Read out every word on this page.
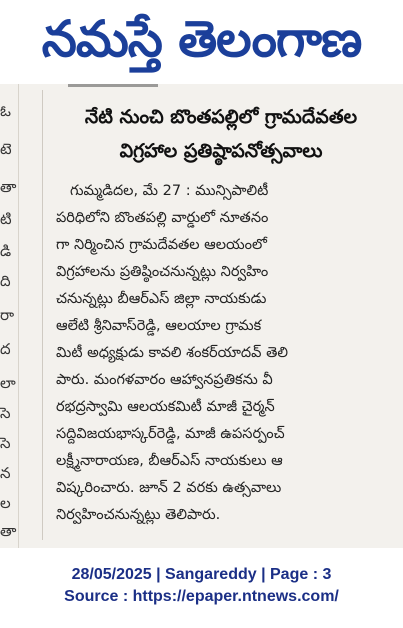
నమస్తే తెలంగాణ
ఓ
టె
తా
టి
డి
ది
రా
ద
లా
సె
సె
న
ల
తా
నేటి నుంచి బొంతపల్లిలో గ్రామదేవతల
విగ్రహాల ప్రతిష్ఠాపనోత్సవాలు
గుమ్మడిదల, మే 27 : మున్సిపాలిటీ
పరిధిలోని బొంతపల్లి వార్డులో నూతనం
గా నిర్మించిన గ్రామదేవతల ఆలయంలో
విగ్రహాలను ప్రతిష్ఠించనున్నట్లు నిర్వహిం
చనున్నట్లు బీఆర్ఎస్ జిల్లా నాయకుడు
ఆలేటి శ్రీనివాస్‌రెడ్డి, ఆలయాల గ్రామక
మిటీ అధ్యక్షుడు కావలి శంకర్‌యాదవ్ తెలి
పారు. మంగళవారం ఆహ్వానప్రతికను వీ
రభద్రస్వామి ఆలయకమిటీ మాజీ చైర్మన్
సద్దివిజయభాస్కర్‌రెడ్డి, మాజీ ఉపసర్పంచ్
లక్ష్మీనారాయణ, బీఆర్ఎస్ నాయకులు ఆ
విష్కరించారు. జూన్ 2 వరకు ఉత్సవాలు
నిర్వహించనున్నట్లు తెలిపారు.
28/05/2025 | Sangareddy | Page : 3
Source : https://epaper.ntnews.com/
